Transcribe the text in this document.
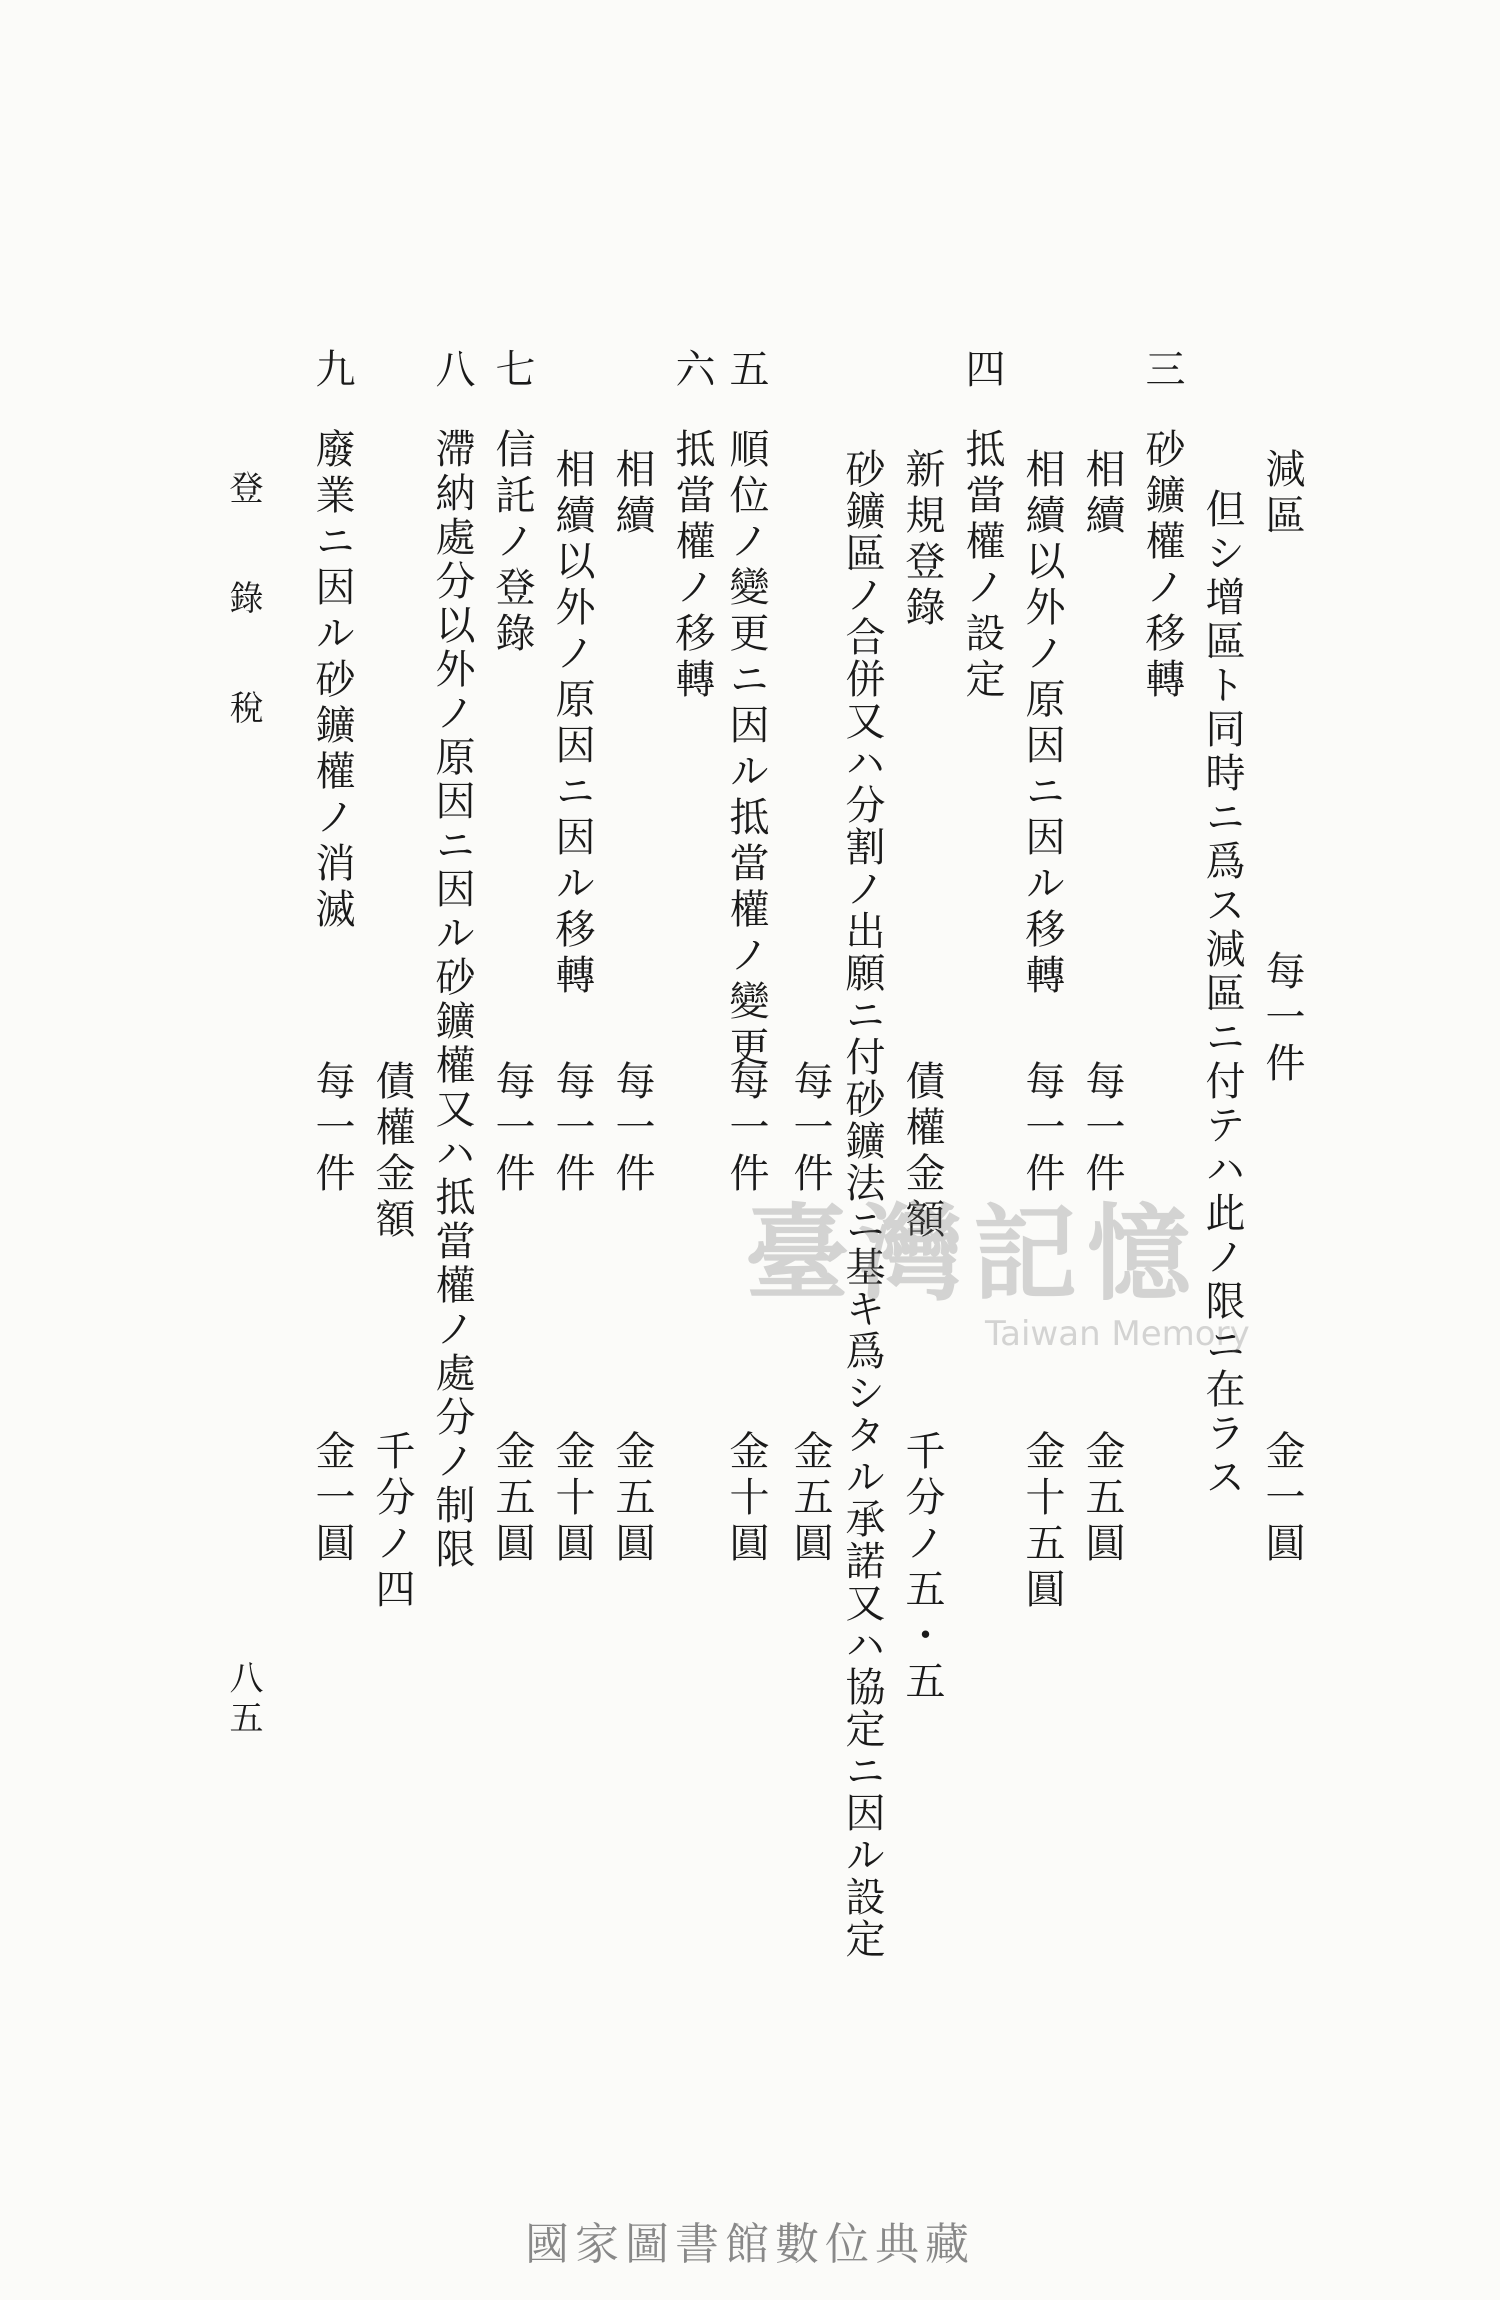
減區
每一件
金一圓
但シ增區ト同時ニ爲ス減區ニ付テハ此ノ限ニ在ラス
三
砂鑛權ノ移轉
相續
每一件
金五圓
相續以外ノ原因ニ因ル移轉
每一件
金十五圓
四
抵當權ノ設定
新規登錄
債權金額
千分ノ五・五
砂鑛區ノ合併又ハ分割ノ出願ニ付砂鑛法ニ基キ爲シタル承諾又ハ協定ニ因ル設定
每一件
金五圓
五
順位ノ變更ニ因ル抵當權ノ變更
每一件
金十圓
六
抵當權ノ移轉
相續
每一件
金五圓
相續以外ノ原因ニ因ル移轉
每一件
金十圓
七
信託ノ登錄
每一件
金五圓
八
滯納處分以外ノ原因ニ因ル砂鑛權又ハ抵當權ノ處分ノ制限
債權金額
千分ノ四
九
廢業ニ因ル砂鑛權ノ消滅
每一件
金一圓
登 錄 稅
八五
臺灣記憶
Taiwan Memory
國家圖書館數位典藏
